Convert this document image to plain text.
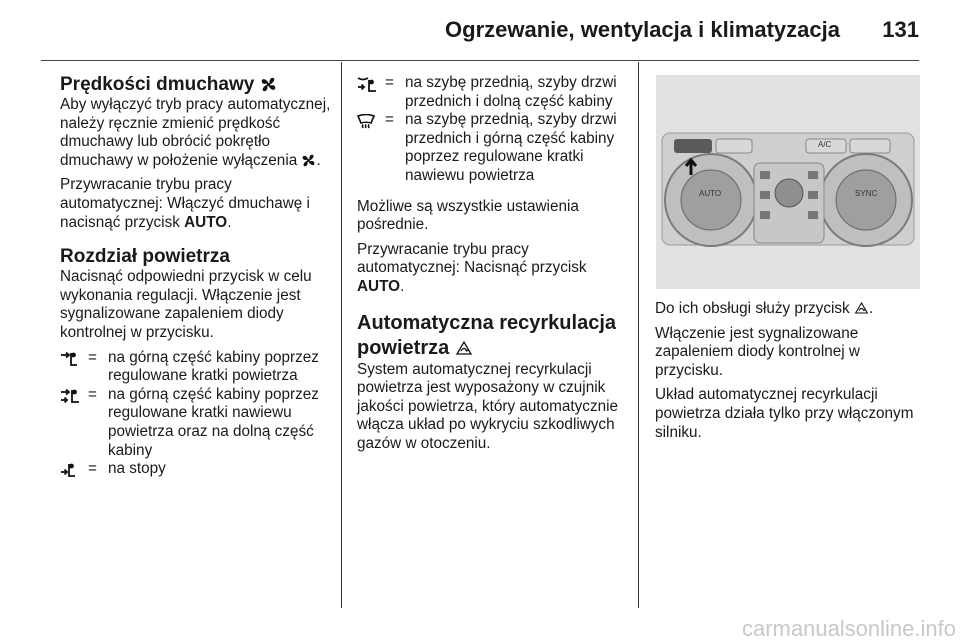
Ogrzewanie, wentylacja i klimatyzacja 131
Prędkości dmuchawy

Aby wyłączyć tryb pracy automatycznej, należy ręcznie zmienić prędkość dmuchawy lub obrócić pokrętło dmuchawy w położenie wyłączenia .

Przywracanie trybu pracy automatycznej: Włączyć dmuchawę i nacisnąć przycisk AUTO.

Rozdział powietrza

Nacisnąć odpowiedni przycisk w celu wykonania regulacji. Włączenie jest sygnalizowane zapaleniem diody kontrolnej w przycisku.

= na górną część kabiny poprzez regulowane kratki powietrza
= na górną część kabiny poprzez regulowane kratki nawiewu powietrza oraz na dolną część kabiny
= na stopy
= na szybę przednią, szyby drzwi przednich i dolną część kabiny
= na szybę przednią, szyby drzwi przednich i górną część kabiny poprzez regulowane kratki nawiewu powietrza

Możliwe są wszystkie ustawienia pośrednie.

Przywracanie trybu pracy automatycznej: Nacisnąć przycisk AUTO.

Automatyczna recyrkulacja powietrza

System automatycznej recyrkulacji powietrza jest wyposażony w czujnik jakości powietrza, który automatycznie włącza układ po wykryciu szkodliwych gazów w otoczeniu.

AUTO	SYNC
A/C

Do ich obsługi służy przycisk .

Włączenie jest sygnalizowane zapaleniem diody kontrolnej w przycisku.

Układ automatycznej recyrkulacji powietrza działa tylko przy włączonym silniku.

carmanualsonline.info
